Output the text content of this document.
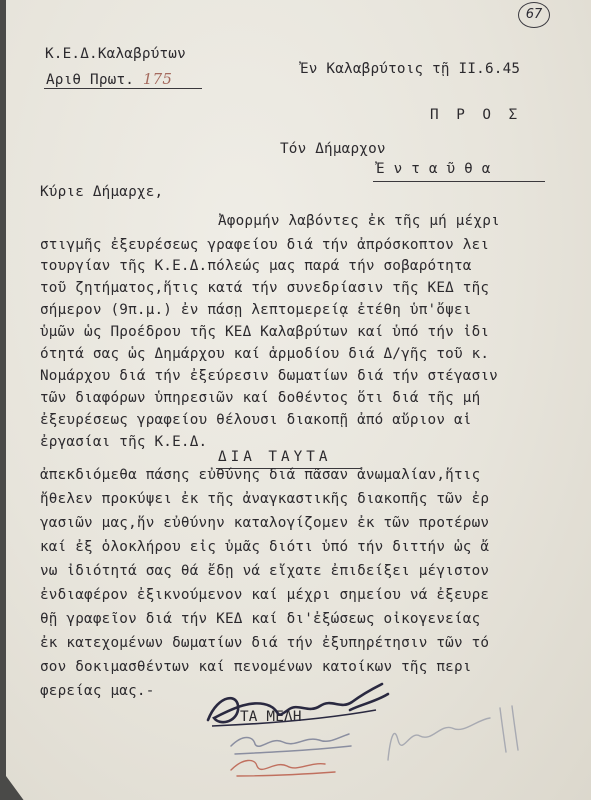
67
Κ.Ε.Δ.Καλαβρύτων
Αριθ Πρωτ. 175
Ἐν Καλαβρύτοις τῇ ΙΙ.6.45
Π Ρ Ο Σ
Τόν Δήμαρχον
Ἐ ν τ α ῦ θ α
Κύριε Δήμαρχε,
Ἀφορμήν λαβόντες ἐκ τῆς μή μέχρι
στιγμῆς ἐξευρέσεως γραφείου διά τήν ἀπρόσκοπτον λει
τουργίαν τῆς Κ.Ε.Δ.πόλεώς μας παρά τήν σοβαρότητα
τοῦ ζητήματος,ἥτις κατά τήν συνεδρίασιν τῆς ΚΕΔ τῆς
σήμερον (9π.μ.) ἐν πάσῃ λεπτομερείᾳ ἐτέθη ὑπ'ὄψει
ὑμῶν ὡς Προέδρου τῆς ΚΕΔ Καλαβρύτων καί ὑπό τήν ἰδι
ότητά σας ὡς Δημάρχου καί ἁρμοδίου διά Δ/γῆς τοῦ κ.
Νομάρχου διά τήν ἐξεύρεσιν δωματίων διά τήν στέγασιν
τῶν διαφόρων ὑπηρεσιῶν καί δοθέντος ὅτι διά τῆς μή
ἐξευρέσεως γραφείου θέλουσι διακοπῇ ἀπό αὔριον αἱ
ἐργασίαι τῆς Κ.Ε.Δ.
ΔΙΑ ΤΑΥΤΑ
ἀπεκδιόμεθα πάσης εὐθύνης διά πᾶσαν ἀνωμαλίαν,ἥτις
ἤθελεν προκύψει ἐκ τῆς ἀναγκαστικῆς διακοπῆς τῶν ἐρ
γασιῶν μας,ἥν εὐθύνην καταλογίζομεν ἐκ τῶν προτέρων
καί ἐξ ὁλοκλήρου εἰς ὑμᾶς διότι ὑπό τήν διττήν ὡς ἄ
νω ἰδιότητά σας θά ἔδῃ νά εἴχατε ἐπιδείξει μέγιστον
ἐνδιαφέρον ἐξικνούμενον καί μέχρι σημείου νά ἐξευρε
θῇ γραφεῖον διά τήν ΚΕΔ καί δι'ἐξώσεως οἰκογενείας
ἐκ κατεχομένων δωματίων διά τήν ἐξυπηρέτησιν τῶν τό
σον δοκιμασθέντων καί πενομένων κατοίκων τῆς περι
φερείας μας.-
ΤΑ ΜΕΛΗ
